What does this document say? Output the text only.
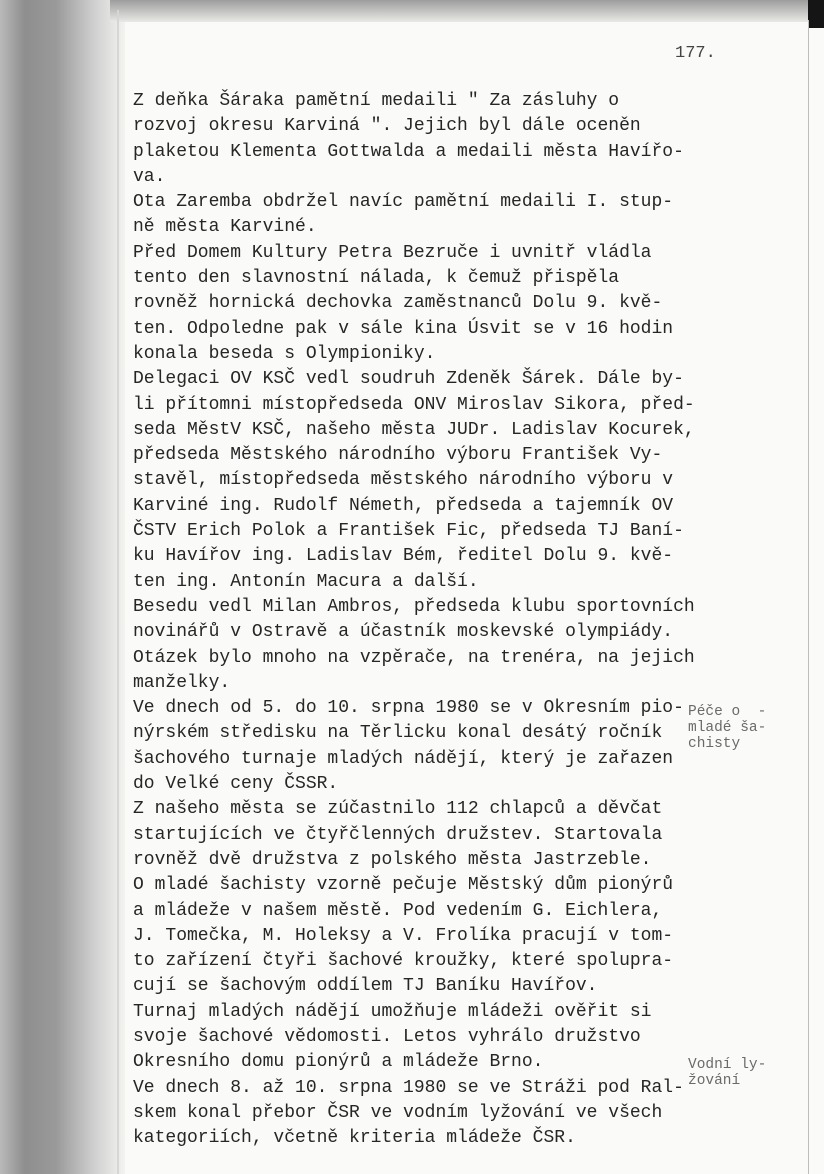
177.
Z deňka Šáraka pamětní medaili " Za zásluhy o
rozvoj okresu Karviná ". Jejich byl dále oceněn
plaketou Klementa Gottwalda a medaili města Havířo-
va.
Ota Zaremba obdržel navíc pamětní medaili I. stup-
ně města Karviné.
Před Domem Kultury Petra Bezruče i uvnitř vládla
tento den slavnostní nálada, k čemuž přispěla
rovněž hornická dechovka zaměstnanců Dolu 9. kvě-
ten. Odpoledne pak v sále kina Úsvit se v 16 hodin
konala beseda s Olympioniky.
Delegaci OV KSČ vedl soudruh Zdeněk Šárek. Dále by-
li přítomni místopředseda ONV Miroslav Sikora, před-
seda MěstV KSČ, našeho města JUDr. Ladislav Kocurek,
předseda Městského národního výboru František Vy-
stavěl, místopředseda městského národního výboru v
Karviné ing. Rudolf Németh, předseda a tajemník OV
ČSTV Erich Polok a František Fic, předseda TJ Baní-
ku Havířov ing. Ladislav Bém, ředitel Dolu 9. kvě-
ten ing. Antonín Macura a další.
Besedu vedl Milan Ambros, předseda klubu sportovních
novinářů v Ostravě a účastník moskevské olympiády.
Otázek bylo mnoho na vzpěrače, na trenéra, na jejich
manželky.
Ve dnech od 5. do 10. srpna 1980 se v Okresním pio-
nýrském středisku na Těrlicku konal desátý ročník
šachového turnaje mladých nádějí, který je zařazen
do Velké ceny ČSSR.
Z našeho města se zúčastnilo 112 chlapců a děvčat
startujících ve čtyřčlenných družstev. Startovala
rovněž dvě družstva z polského města Jastrzeble.
O mladé šachisty vzorně pečuje Městský dům pionýrů
a mládeže v našem městě. Pod vedením G. Eichlera,
J. Tomečka, M. Holeksy a V. Frolíka pracují v tom-
to zařízení čtyři šachové kroužky, které spolupra-
cují se šachovým oddílem TJ Baníku Havířov.
Turnaj mladých nádějí umožňuje mládeži ověřit si
svoje šachové vědomosti. Letos vyhrálo družstvo
Okresního domu pionýrů a mládeže Brno.
Ve dnech 8. až 10. srpna 1980 se ve Stráži pod Ral-
skem konal přebor ČSR ve vodním lyžování ve všech
kategoriích, včetně kriteria mládeže ČSR.
Péče o  -
mladé ša-
chisty
Vodní ly-
žování
